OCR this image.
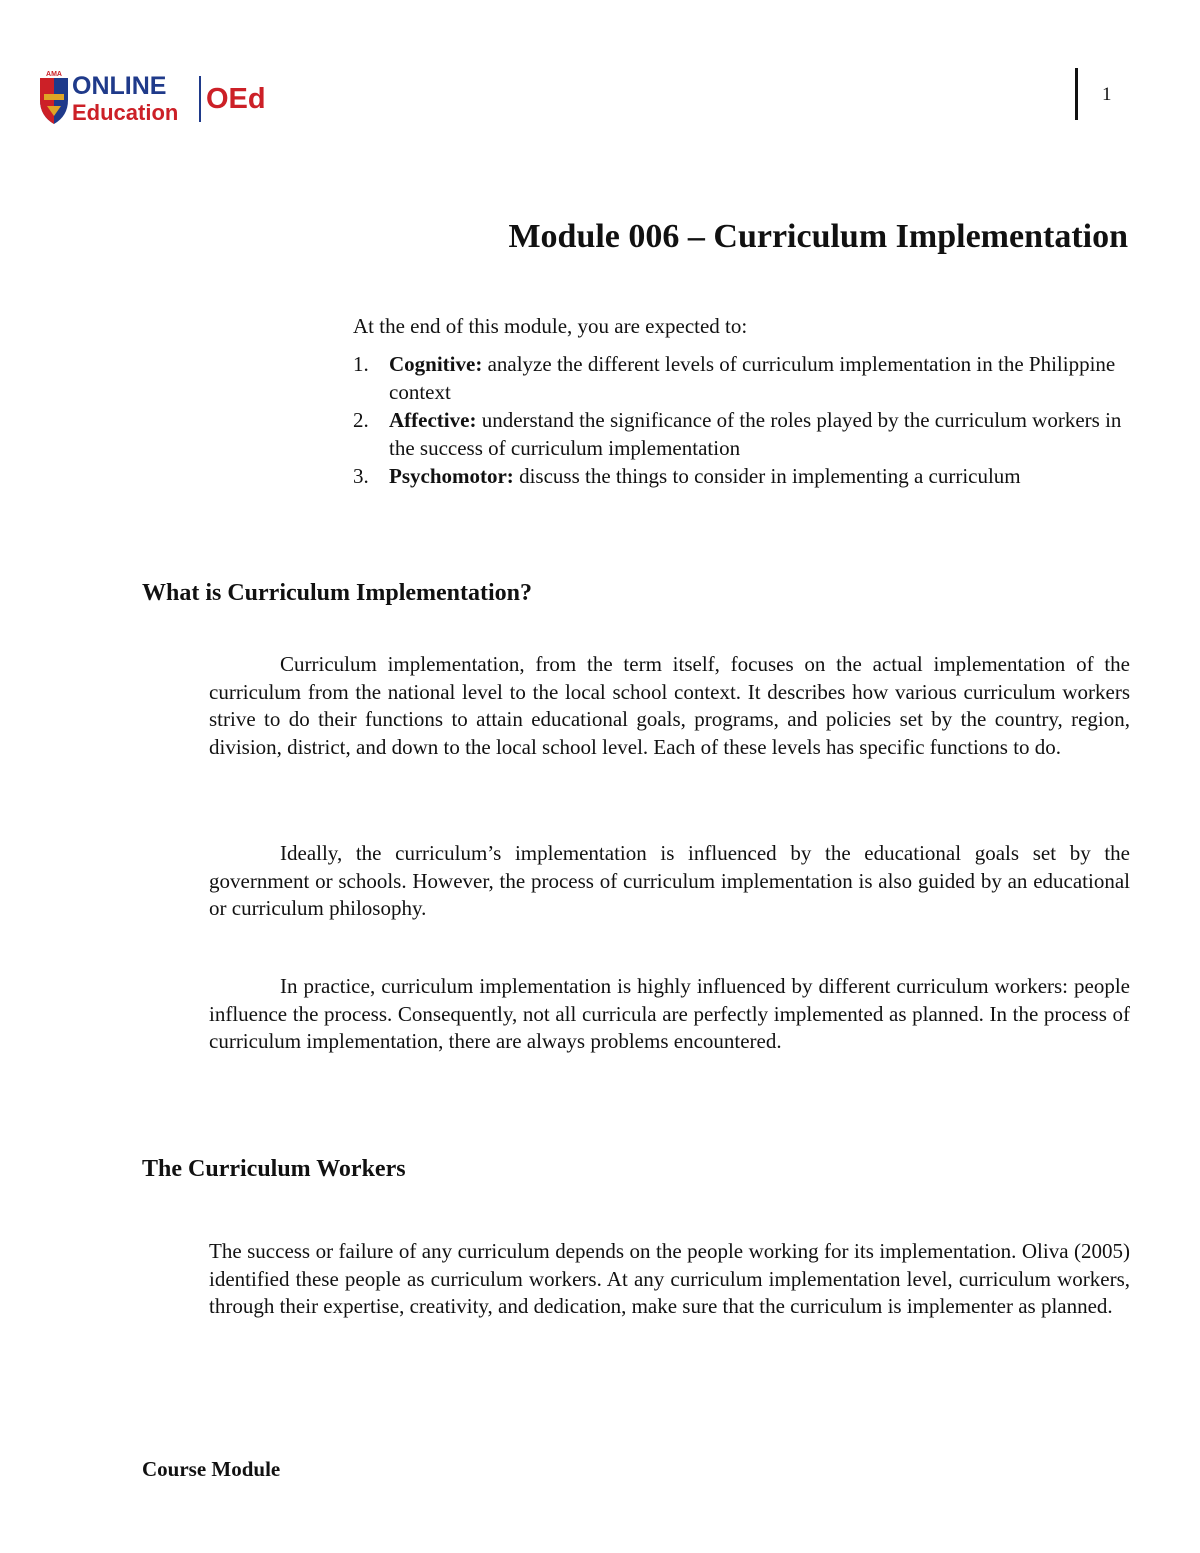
AMA ONLINE
Education OEd	1
Module 006 – Curriculum Implementation

At the end of this module, you are expected to:

1. Cognitive: analyze the different levels of curriculum implementation in the Philippine context
2. Affective: understand the significance of the roles played by the curriculum workers in the success of curriculum implementation
3. Psychomotor: discuss the things to consider in implementing a curriculum
What is Curriculum Implementation?

Curriculum implementation, from the term itself, focuses on the actual implementation of the curriculum from the national level to the local school context. It describes how various curriculum workers strive to do their functions to attain educational goals, programs, and policies set by the country, region, division, district, and down to the local school level. Each of these levels has specific functions to do.

Ideally, the curriculum’s implementation is influenced by the educational goals set by the government or schools. However, the process of curriculum implementation is also guided by an educational or curriculum philosophy.

In practice, curriculum implementation is highly influenced by different curriculum workers: people influence the process. Consequently, not all curricula are perfectly implemented as planned. In the process of curriculum implementation, there are always problems encountered.

The Curriculum Workers

The success or failure of any curriculum depends on the people working for its implementation. Oliva (2005) identified these people as curriculum workers. At any curriculum implementation level, curriculum workers, through their expertise, creativity, and dedication, make sure that the curriculum is implementer as planned.

Course Module
